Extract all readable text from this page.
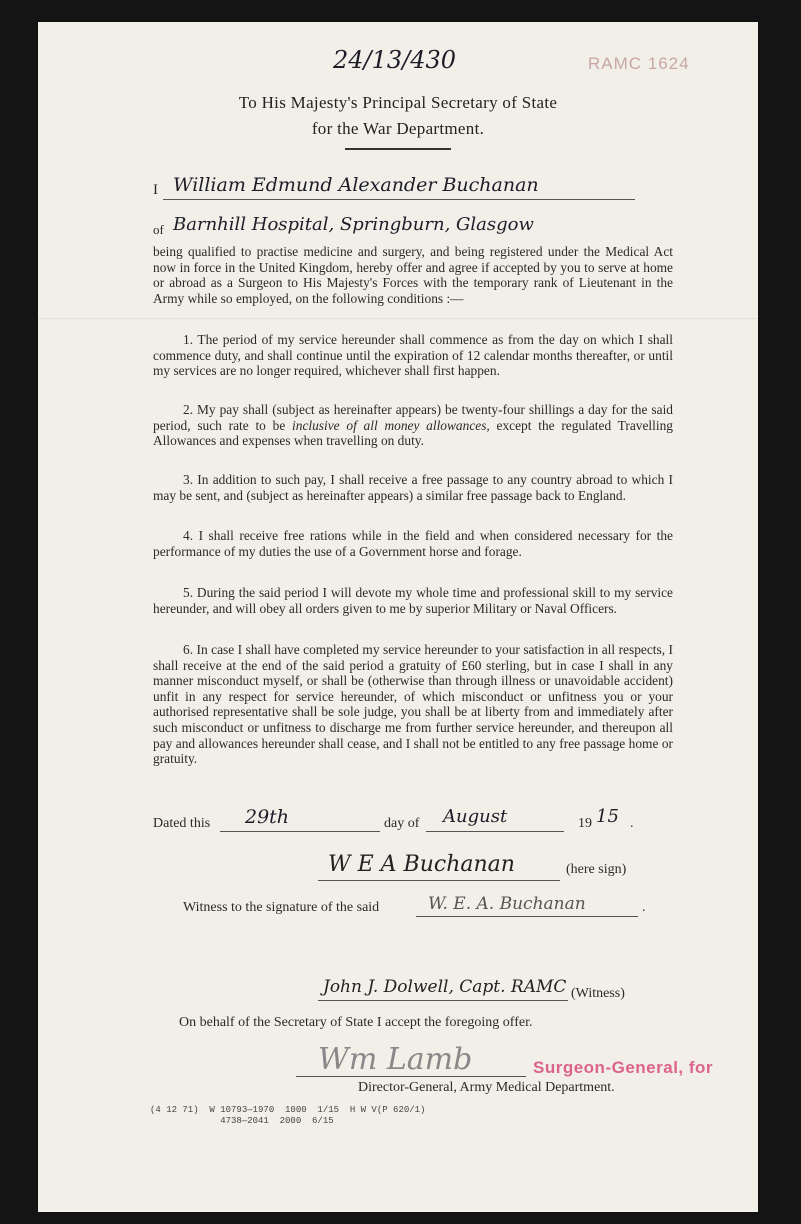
24/13/430	RAMC 1624
To His Majesty's Principal Secretary of State
for the War Department.
I William Edmund Alexander Buchanan
of Barnhill Hospital, Springburn, Glasgow
being qualified to practise medicine and surgery, and being registered under the Medical Act now in force in the United Kingdom, hereby offer and agree if accepted by you to serve at home or abroad as a Surgeon to His Majesty's Forces with the temporary rank of Lieutenant in the Army while so employed, on the following conditions :—
1. The period of my service hereunder shall commence as from the day on which I shall commence duty, and shall continue until the expiration of 12 calendar months thereafter, or until my services are no longer required, whichever shall first happen.
2. My pay shall (subject as hereinafter appears) be twenty-four shillings a day for the said period, such rate to be inclusive of all money allowances, except the regulated Travelling Allowances and expenses when travelling on duty.
3. In addition to such pay, I shall receive a free passage to any country abroad to which I may be sent, and (subject as hereinafter appears) a similar free passage back to England.
4. I shall receive free rations while in the field and when considered necessary for the performance of my duties the use of a Government horse and forage.
5. During the said period I will devote my whole time and professional skill to my service hereunder, and will obey all orders given to me by superior Military or Naval Officers.
6. In case I shall have completed my service hereunder to your satisfaction in all respects, I shall receive at the end of the said period a gratuity of £60 sterling, but in case I shall in any manner misconduct myself, or shall be (otherwise than through illness or unavoidable accident) unfit in any respect for service hereunder, of which misconduct or unfitness you or your authorised representative shall be sole judge, you shall be at liberty from and immediately after such misconduct or unfitness to discharge me from further service hereunder, and thereupon all pay and allowances hereunder shall cease, and I shall not be entitled to any free passage home or gratuity.
Dated this 29th	day of August	19 15 .
W E A Buchanan	(here sign)
Witness to the signature of the said	W. E. A. Buchanan	.
John J. Dolwell, Capt. RAMC (Witness)
On behalf of the Secretary of State I accept the foregoing offer.
Wm Lamb	Surgeon-General, for
Director-General, Army Medical Department.
(4 12 71)  W 10793—1970  1000  1/15  H W V(P 620/1)
4738—2041  2000  6/15
